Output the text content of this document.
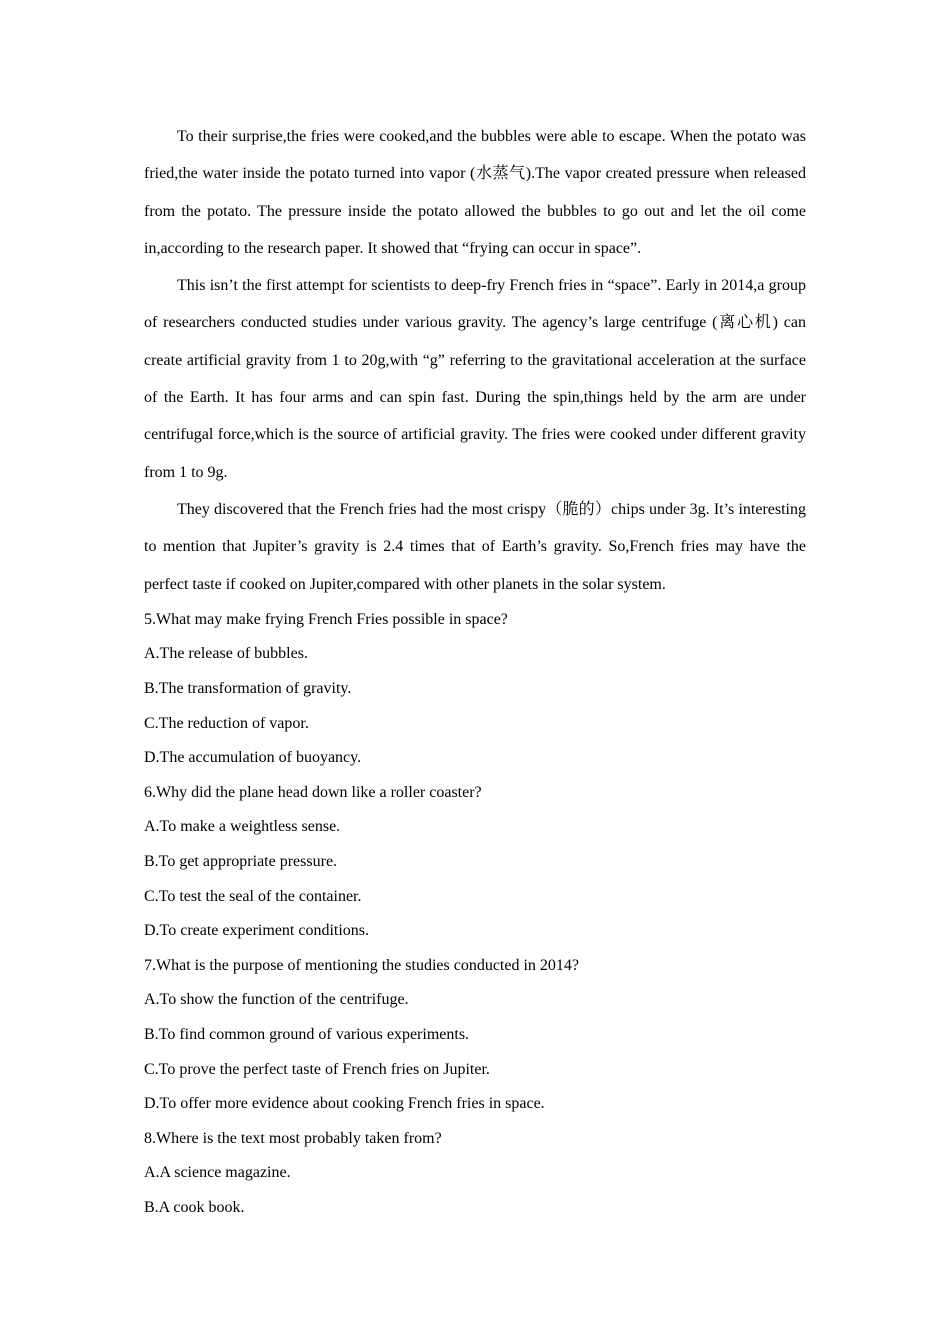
To their surprise,the fries were cooked,and the bubbles were able to escape. When the potato was fried,the water inside the potato turned into vapor (水蒸气).The vapor created pressure when released from the potato. The pressure inside the potato allowed the bubbles to go out and let the oil come in,according to the research paper. It showed that “frying can occur in space”.

This isn’t the first attempt for scientists to deep-fry French fries in “space”. Early in 2014,a group of researchers conducted studies under various gravity. The agency’s large centrifuge (离心机) can create artificial gravity from 1 to 20g,with “g” referring to the gravitational acceleration at the surface of the Earth. It has four arms and can spin fast. During the spin,things held by the arm are under centrifugal force,which is the source of artificial gravity. The fries were cooked under different gravity from 1 to 9g.

They discovered that the French fries had the most crispy（脆的）chips under 3g. It’s interesting to mention that Jupiter’s gravity is 2.4 times that of Earth’s gravity. So,French fries may have the perfect taste if cooked on Jupiter,compared with other planets in the solar system.

5.What may make frying French Fries possible in space?

A.The release of bubbles.

B.The transformation of gravity.

C.The reduction of vapor.

D.The accumulation of buoyancy.

6.Why did the plane head down like a roller coaster?

A.To make a weightless sense.

B.To get appropriate pressure.

C.To test the seal of the container.

D.To create experiment conditions.

7.What is the purpose of mentioning the studies conducted in 2014?

A.To show the function of the centrifuge.

B.To find common ground of various experiments.

C.To prove the perfect taste of French fries on Jupiter.

D.To offer more evidence about cooking French fries in space.

8.Where is the text most probably taken from?

A.A science magazine.

B.A cook book.
